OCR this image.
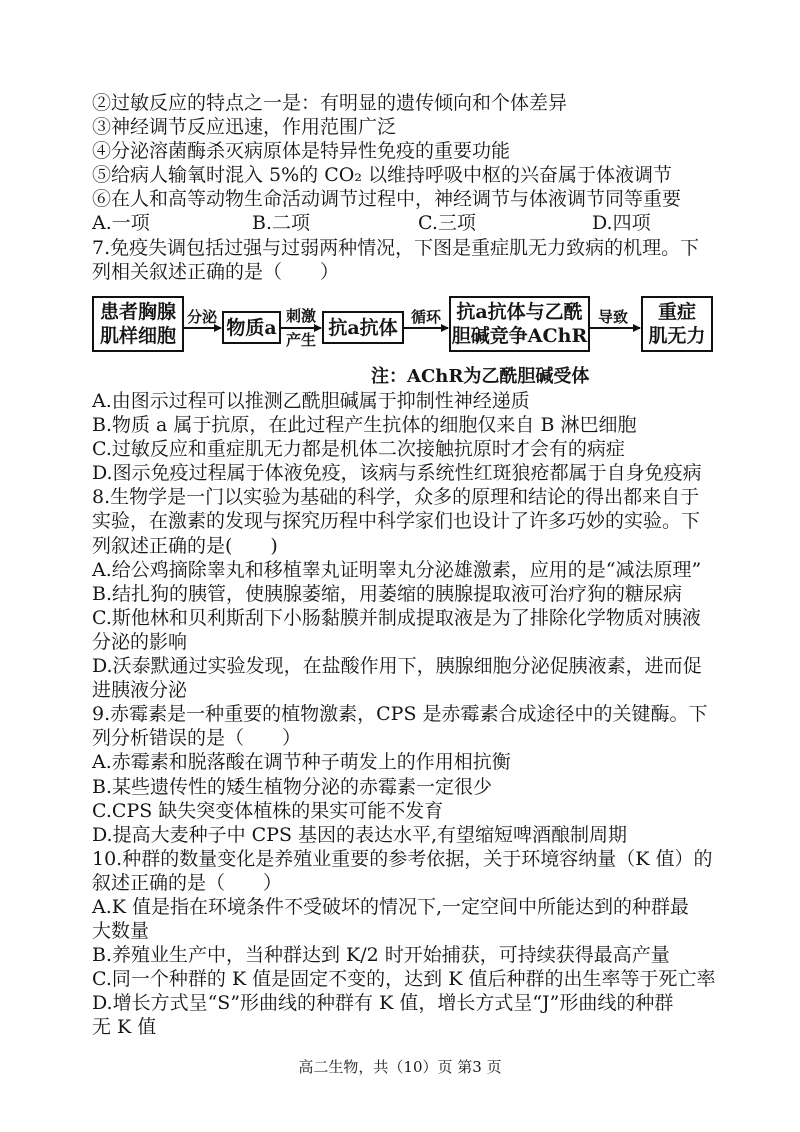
②过敏反应的特点之一是：有明显的遗传倾向和个体差异
③神经调节反应迅速，作用范围广泛
④分泌溶菌酶杀灭病原体是特异性免疫的重要功能
⑤给病人输氧时混入 5%的 CO₂ 以维持呼吸中枢的兴奋属于体液调节
⑥在人和高等动物生命活动调节过程中，神经调节与体液调节同等重要
A.一项	B.二项	C.三项	D.四项
7.免疫失调包括过强与过弱两种情况，下图是重症肌无力致病的机理。下
列相关叙述正确的是（　　）
患者胸腺
肌样细胞
分泌 物质a
刺激
产生
抗a抗体 循环 抗a抗体与乙酰
胆碱竞争AChR
导致 重症
肌无力
注：AChR为乙酰胆碱受体
A.由图示过程可以推测乙酰胆碱属于抑制性神经递质
B.物质 a 属于抗原，在此过程产生抗体的细胞仅来自 B 淋巴细胞
C.过敏反应和重症肌无力都是机体二次接触抗原时才会有的病症
D.图示免疫过程属于体液免疫，该病与系统性红斑狼疮都属于自身免疫病
8.生物学是一门以实验为基础的科学，众多的原理和结论的得出都来自于
实验，在激素的发现与探究历程中科学家们也设计了许多巧妙的实验。下
列叙述正确的是(　　)
A.给公鸡摘除睾丸和移植睾丸证明睾丸分泌雄激素，应用的是“减法原理”
B.结扎狗的胰管，使胰腺萎缩，用萎缩的胰腺提取液可治疗狗的糖尿病
C.斯他林和贝利斯刮下小肠黏膜并制成提取液是为了排除化学物质对胰液
分泌的影响
D.沃泰默通过实验发现，在盐酸作用下，胰腺细胞分泌促胰液素，进而促
进胰液分泌
9.赤霉素是一种重要的植物激素，CPS 是赤霉素合成途径中的关键酶。下
列分析错误的是（　　）
A.赤霉素和脱落酸在调节种子萌发上的作用相抗衡
B.某些遗传性的矮生植物分泌的赤霉素一定很少
C.CPS 缺失突变体植株的果实可能不发育
D.提高大麦种子中 CPS 基因的表达水平,有望缩短啤酒酿制周期
10.种群的数量变化是养殖业重要的参考依据，关于环境容纳量（K 值）的
叙述正确的是（　　）
A.K 值是指在环境条件不受破坏的情况下,一定空间中所能达到的种群最
大数量
B.养殖业生产中，当种群达到 K/2 时开始捕获，可持续获得最高产量
C.同一个种群的 K 值是固定不变的，达到 K 值后种群的出生率等于死亡率
D.增长方式呈“S”形曲线的种群有 K 值，增长方式呈“J”形曲线的种群
无 K 值
高二生物，共（10）页 第3 页
